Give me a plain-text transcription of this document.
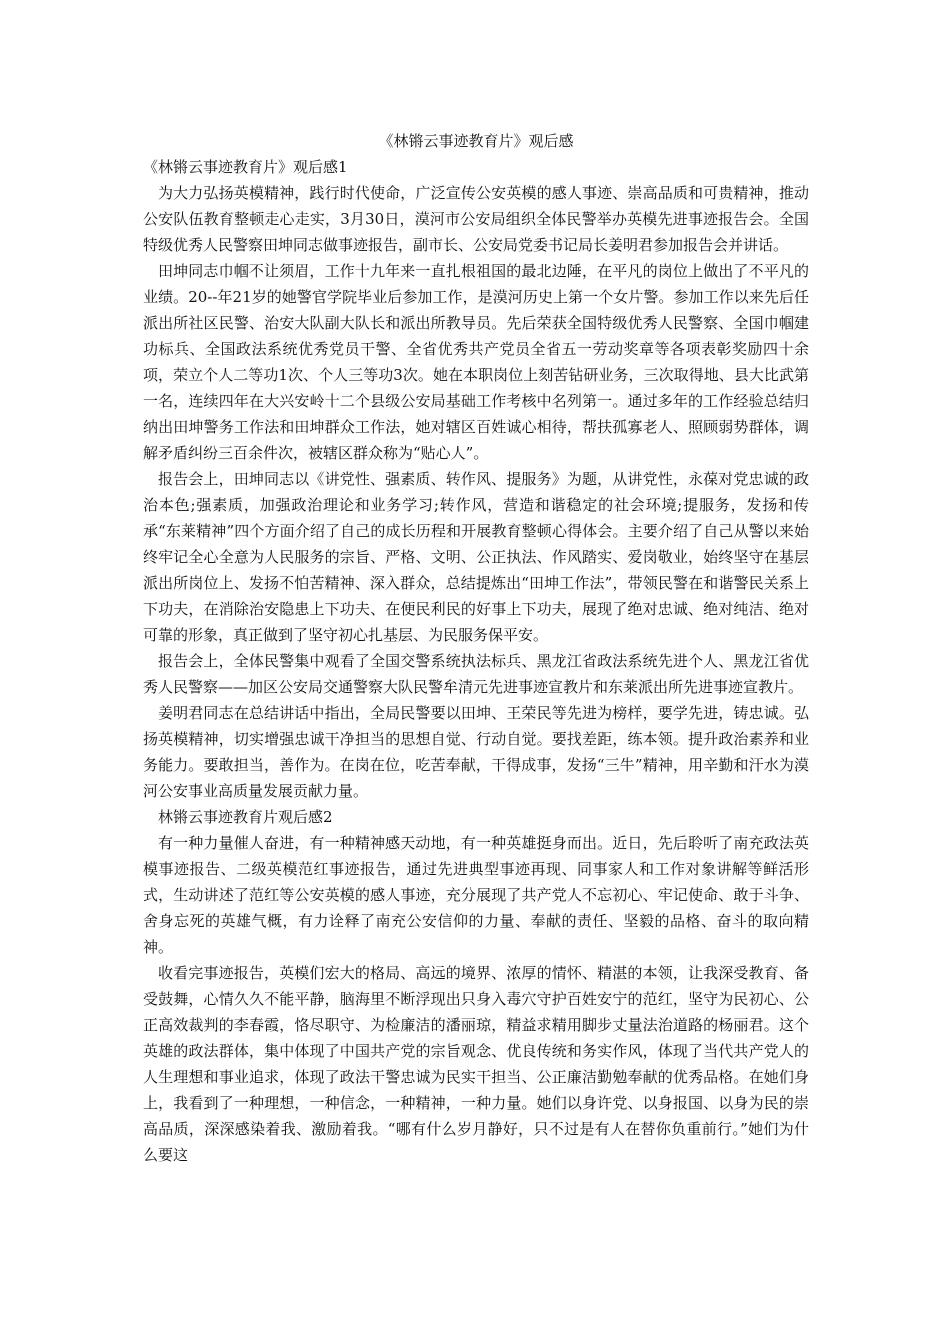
《林锵云事迹教育片》观后感

《林锵云事迹教育片》观后感1

为大力弘扬英模精神，践行时代使命，广泛宣传公安英模的感人事迹、崇高品质和可贵精神，推动公安队伍教育整顿走心走实，3月30日，漠河市公安局组织全体民警举办英模先进事迹报告会。全国特级优秀人民警察田坤同志做事迹报告，副市长、公安局党委书记局长姜明君参加报告会并讲话。

田坤同志巾帼不让须眉，工作十九年来一直扎根祖国的最北边陲，在平凡的岗位上做出了不平凡的业绩。20--年21岁的她警官学院毕业后参加工作，是漠河历史上第一个女片警。参加工作以来先后任派出所社区民警、治安大队副大队长和派出所教导员。先后荣获全国特级优秀人民警察、全国巾帼建功标兵、全国政法系统优秀党员干警、全省优秀共产党员全省五一劳动奖章等各项表彰奖励四十余项，荣立个人二等功1次、个人三等功3次。她在本职岗位上刻苦钻研业务，三次取得地、县大比武第一名，连续四年在大兴安岭十二个县级公安局基础工作考核中名列第一。通过多年的工作经验总结归纳出田坤警务工作法和田坤群众工作法，她对辖区百姓诚心相待，帮扶孤寡老人、照顾弱势群体，调解矛盾纠纷三百余件次，被辖区群众称为“贴心人”。

报告会上，田坤同志以《讲党性、强素质、转作风、提服务》为题，从讲党性，永葆对党忠诚的政治本色;强素质，加强政治理论和业务学习;转作风，营造和谐稳定的社会环境;提服务，发扬和传承“东莱精神”四个方面介绍了自己的成长历程和开展教育整顿心得体会。主要介绍了自己从警以来始终牢记全心全意为人民服务的宗旨、严格、文明、公正执法、作风踏实、爱岗敬业，始终坚守在基层派出所岗位上、发扬不怕苦精神、深入群众，总结提炼出“田坤工作法”，带领民警在和谐警民关系上下功夫，在消除治安隐患上下功夫、在便民利民的好事上下功夫，展现了绝对忠诚、绝对纯洁、绝对可靠的形象，真正做到了坚守初心扎基层、为民服务保平安。

报告会上，全体民警集中观看了全国交警系统执法标兵、黑龙江省政法系统先进个人、黑龙江省优秀人民警察——加区公安局交通警察大队民警牟清元先进事迹宣教片和东莱派出所先进事迹宣教片。

姜明君同志在总结讲话中指出，全局民警要以田坤、王荣民等先进为榜样，要学先进，铸忠诚。弘扬英模精神，切实增强忠诚干净担当的思想自觉、行动自觉。要找差距，练本领。提升政治素养和业务能力。要敢担当，善作为。在岗在位，吃苦奉献，干得成事，发扬“三牛”精神，用辛勤和汗水为漠河公安事业高质量发展贡献力量。

林锵云事迹教育片观后感2

有一种力量催人奋进，有一种精神感天动地，有一种英雄挺身而出。近日，先后聆听了南充政法英模事迹报告、二级英模范红事迹报告，通过先进典型事迹再现、同事家人和工作对象讲解等鲜活形式，生动讲述了范红等公安英模的感人事迹，充分展现了共产党人不忘初心、牢记使命、敢于斗争、舍身忘死的英雄气概，有力诠释了南充公安信仰的力量、奉献的责任、坚毅的品格、奋斗的取向精神。

收看完事迹报告，英模们宏大的格局、高远的境界、浓厚的情怀、精湛的本领，让我深受教育、备受鼓舞，心情久久不能平静，脑海里不断浮现出只身入毒穴守护百姓安宁的范红，坚守为民初心、公正高效裁判的李春霞，恪尽职守、为检廉洁的潘丽琼，精益求精用脚步丈量法治道路的杨丽君。这个英雄的政法群体，集中体现了中国共产党的宗旨观念、优良传统和务实作风，体现了当代共产党人的人生理想和事业追求，体现了政法干警忠诚为民实干担当、公正廉洁勤勉奉献的优秀品格。在她们身上，我看到了一种理想，一种信念，一种精神，一种力量。她们以身许党、以身报国、以身为民的崇高品质，深深感染着我、激励着我。“哪有什么岁月静好，只不过是有人在替你负重前行。”她们为什么要这
